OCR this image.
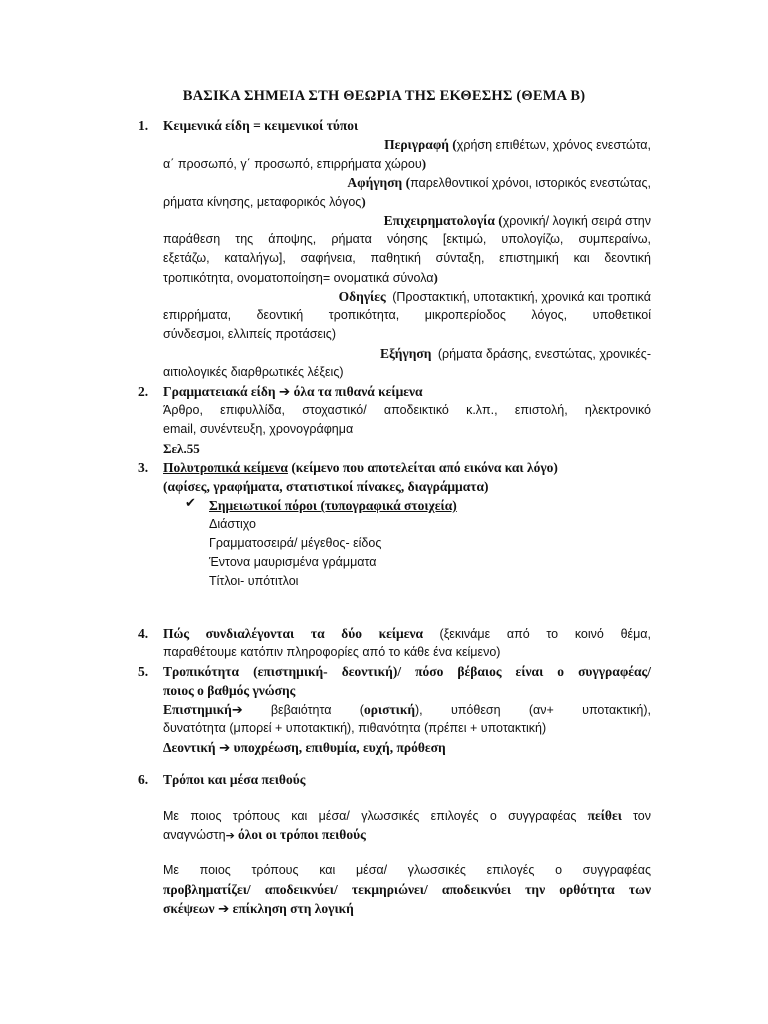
ΒΑΣΙΚΑ ΣΗΜΕΙΑ ΣΤΗ ΘΕΩΡΙΑ ΤΗΣ ΕΚΘΕΣΗΣ (ΘΕΜΑ Β)
1. Κειμενικά είδη = κειμενικοί τύποι
Περιγραφή (χρήση επιθέτων, χρόνος ενεστώτα,
α΄ προσωπό, γ΄ προσωπό, επιρρήματα χώρου)
Αφήγηση (παρελθοντικοί χρόνοι, ιστορικός ενεστώτας,
ρήματα κίνησης, μεταφορικός λόγος)
Επιχειρηματολογία (χρονική/ λογική σειρά στην
παράθεση της άποψης, ρήματα νόησης [εκτιμώ, υπολογίζω, συμπεραίνω,
εξετάζω, καταλήγω], σαφήνεια, παθητική σύνταξη, επιστημική και δεοντική
τροπικότητα, ονοματοποίηση= ονοματικά σύνολα)
Οδηγίες (Προστακτική, υποτακτική, χρονικά και τροπικά
επιρρήματα, δεοντική τροπικότητα, μικροπερίοδος λόγος, υποθετικοί
σύνδεσμοι, ελλιπείς προτάσεις)
Εξήγηση (ρήματα δράσης, ενεστώτας, χρονικές-
αιτιολογικές διαρθρωτικές λέξεις)
2. Γραμματειακά είδη ➔ όλα τα πιθανά κείμενα
Άρθρο, επιφυλλίδα, στοχαστικό/ αποδεικτικό κ.λπ., επιστολή, ηλεκτρονικό
email, συνέντευξη, χρονογράφημα
Σελ.55
3. Πολυτροπικά κείμενα (κείμενο που αποτελείται από εικόνα και λόγο)
(αφίσες, γραφήματα, στατιστικοί πίνακες, διαγράμματα)
✔ Σημειωτικοί πόροι (τυπογραφικά στοιχεία)
Διάστιχο
Γραμματοσειρά/ μέγεθος- είδος
Έντονα μαυρισμένα γράμματα
Τίτλοι- υπότιτλοι
4. Πώς συνδιαλέγονται τα δύο κείμενα (ξεκινάμε από το κοινό θέμα,
παραθέτουμε κατόπιν πληροφορίες από το κάθε ένα κείμενο)
5. Τροπικότητα (επιστημική- δεοντική)/ πόσο βέβαιος είναι ο συγγραφέας/
ποιος ο βαθμός γνώσης
Επιστημική➔ βεβαιότητα (οριστική), υπόθεση (αν+ υποτακτική),
δυνατότητα (μπορεί + υποτακτική), πιθανότητα (πρέπει + υποτακτική)
Δεοντική ➔ υποχρέωση, επιθυμία, ευχή, πρόθεση
6. Τρόποι και μέσα πειθούς
Με ποιος τρόπους και μέσα/ γλωσσικές επιλογές ο συγγραφέας πείθει τον
αναγνώστη➔ όλοι οι τρόποι πειθούς
Με ποιος τρόπους και μέσα/ γλωσσικές επιλογές ο συγγραφέας
προβληματίζει/ αποδεικνύει/ τεκμηριώνει/ αποδεικνύει την ορθότητα των
σκέψεων ➔ επίκληση στη λογική
